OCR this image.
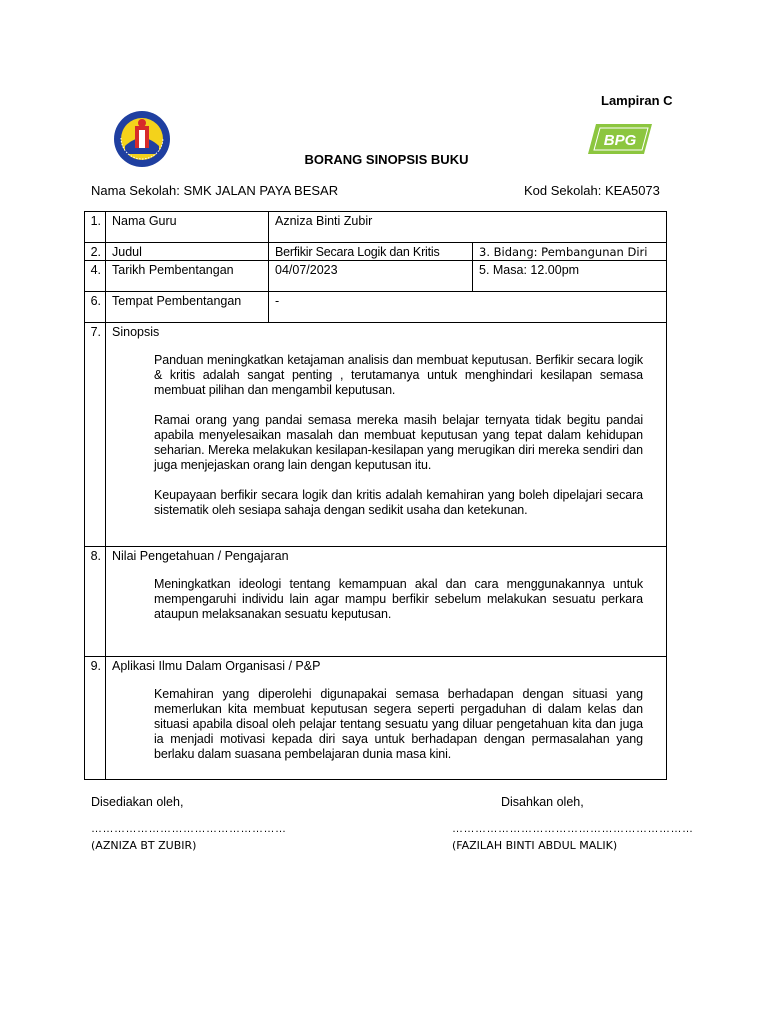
Lampiran C
BPG
BORANG SINOPSIS BUKU
Nama Sekolah: SMK JALAN PAYA BESAR	Kod Sekolah: KEA5073
1.	Nama Guru	Azniza Binti Zubir	
2.	Judul	Berfikir Secara Logik dan Kritis	3. Bidang: Pembangunan Diri
4.	Tarikh Pembentangan	04/07/2023	5. Masa: 12.00pm
6.	Tempat Pembentangan	-	
7.	Sinopsis

Panduan meningkatkan ketajaman analisis dan membuat keputusan. Berfikir secara logik & kritis adalah sangat penting , terutamanya untuk menghindari kesilapan semasa membuat pilihan dan mengambil keputusan.

Ramai orang yang pandai semasa mereka masih belajar ternyata tidak begitu pandai apabila menyelesaikan masalah dan membuat keputusan yang tepat dalam kehidupan seharian. Mereka melakukan kesilapan-kesilapan yang merugikan diri mereka sendiri dan juga menjejaskan orang lain dengan keputusan itu.

Keupayaan berfikir secara logik dan kritis adalah kemahiran yang boleh dipelajari secara sistematik oleh sesiapa sahaja dengan sedikit usaha dan ketekunan.		

8.	Nilai Pengetahuan / Pengajaran

Meningkatkan ideologi tentang kemampuan akal dan cara menggunakannya untuk mempengaruhi individu lain agar mampu berfikir sebelum melakukan sesuatu perkara ataupun melaksanakan sesuatu keputusan.		

9.	Aplikasi Ilmu Dalam Organisasi / P&P

Kemahiran yang diperolehi digunapakai semasa berhadapan dengan situasi yang memerlukan kita membuat keputusan segera seperti pergaduhan di dalam kelas dan situasi apabila disoal oleh pelajar tentang sesuatu yang diluar pengetahuan kita dan juga ia menjadi motivasi kepada diri saya untuk berhadapan dengan permasalahan yang berlaku dalam suasana pembelajaran dunia masa kini.		

Disediakan oleh,	Disahkan oleh,
……………………………………………	………………………………………………………
(AZNIZA BT ZUBIR)	(FAZILAH BINTI ABDUL MALIK)
